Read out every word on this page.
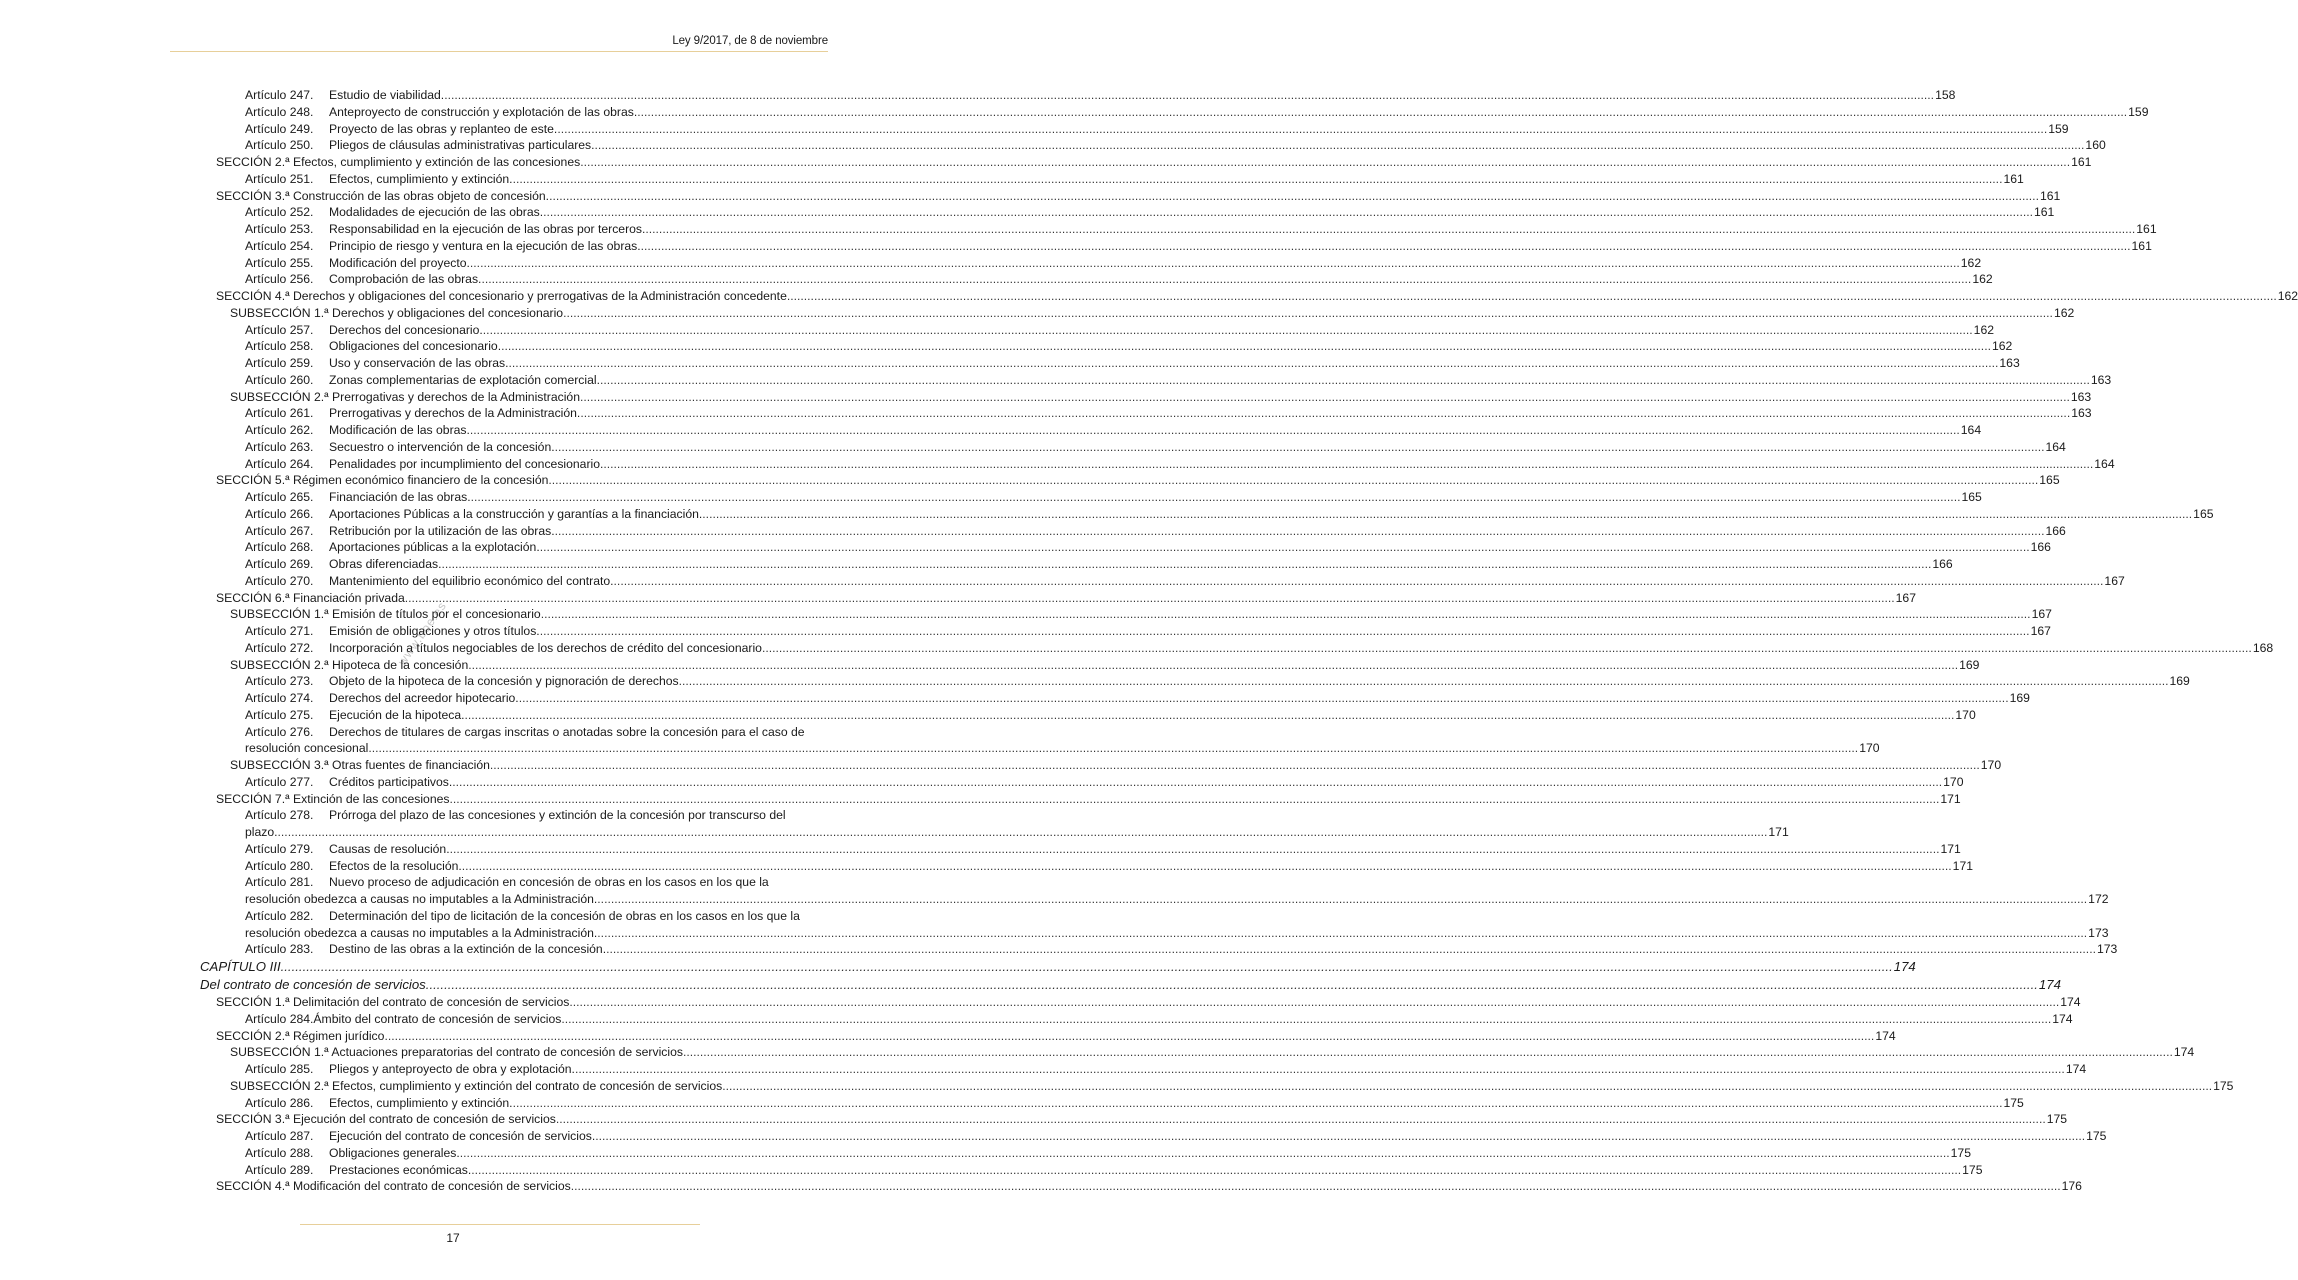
Ley 9/2017, de 8 de noviembre
www.boe.es
Artículo 247.	Estudio de viabilidad. .....	158
Artículo 248.	Anteproyecto de construcción y explotación de las obras. .....	159
Artículo 249.	Proyecto de las obras y replanteo de este. .....	159
Artículo 250.	Pliegos de cláusulas administrativas particulares. .....	160
SECCIÓN 2.ª Efectos, cumplimiento y extinción de las concesiones .....	161
Artículo 251.	Efectos, cumplimiento y extinción. .....	161
SECCIÓN 3.ª Construcción de las obras objeto de concesión. .....	161
Artículo 252.	Modalidades de ejecución de las obras. .....	161
Artículo 253.	Responsabilidad en la ejecución de las obras por terceros. .....	161
Artículo 254.	Principio de riesgo y ventura en la ejecución de las obras. .....	161
Artículo 255.	Modificación del proyecto. .....	162
Artículo 256.	Comprobación de las obras. .....	162
SECCIÓN 4.ª Derechos y obligaciones del concesionario y prerrogativas de la Administración concedente .....	162
SUBSECCIÓN 1.ª Derechos y obligaciones del concesionario .....	162
Artículo 257.	Derechos del concesionario. .....	162
Artículo 258.	Obligaciones del concesionario. .....	162
Artículo 259.	Uso y conservación de las obras. .....	163
Artículo 260.	Zonas complementarias de explotación comercial. .....	163
SUBSECCIÓN 2.ª Prerrogativas y derechos de la Administración .....	163
Artículo 261.	Prerrogativas y derechos de la Administración. .....	163
Artículo 262.	Modificación de las obras. .....	164
Artículo 263.	Secuestro o intervención de la concesión. .....	164
Artículo 264.	Penalidades por incumplimiento del concesionario. .....	164
SECCIÓN 5.ª Régimen económico financiero de la concesión .....	165
Artículo 265.	Financiación de las obras. .....	165
Artículo 266.	Aportaciones Públicas a la construcción y garantías a la financiación. .....	165
Artículo 267.	Retribución por la utilización de las obras. .....	166
Artículo 268.	Aportaciones públicas a la explotación. .....	166
Artículo 269.	Obras diferenciadas. .....	166
Artículo 270.	Mantenimiento del equilibrio económico del contrato. .....	167
SECCIÓN 6.ª Financiación privada .....	167
SUBSECCIÓN 1.ª Emisión de títulos por el concesionario .....	167
Artículo 271.	Emisión de obligaciones y otros títulos. .....	167
Artículo 272.	Incorporación a títulos negociables de los derechos de crédito del concesionario .....	168
SUBSECCIÓN 2.ª Hipoteca de la concesión .....	169
Artículo 273.	Objeto de la hipoteca de la concesión y pignoración de derechos .....	169
Artículo 274.	Derechos del acreedor hipotecario. .....	169
Artículo 275.	Ejecución de la hipoteca. .....	170
Artículo 276.	Derechos de titulares de cargas inscritas o anotadas sobre la concesión para el caso de
resolución concesional .....	170
SUBSECCIÓN 3.ª Otras fuentes de financiación .....	170
Artículo 277.	Créditos participativos. .....	170
SECCIÓN 7.ª Extinción de las concesiones .....	171
Artículo 278.	Prórroga del plazo de las concesiones y extinción de la concesión por transcurso del
plazo. .....	171
Artículo 279.	Causas de resolución. .....	171
Artículo 280.	Efectos de la resolución. .....	171
Artículo 281.	Nuevo proceso de adjudicación en concesión de obras en los casos en los que la
resolución obedezca a causas no imputables a la Administración. .....	172
Artículo 282.	Determinación del tipo de licitación de la concesión de obras en los casos en los que la
resolución obedezca a causas no imputables a la Administración. .....	173
Artículo 283.	Destino de las obras a la extinción de la concesión. .....	173
CAPÍTULO III .....	174
Del contrato de concesión de servicios .....	174
SECCIÓN 1.ª Delimitación del contrato de concesión de servicios .....	174
Artículo 284.Ámbito del contrato de concesión de servicios .....	174
SECCIÓN 2.ª Régimen jurídico .....	174
SUBSECCIÓN 1.ª Actuaciones preparatorias del contrato de concesión de servicios .....	174
Artículo 285.	Pliegos y anteproyecto de obra y explotación. .....	174
SUBSECCIÓN 2.ª Efectos, cumplimiento y extinción del contrato de concesión de servicios .....	175
Artículo 286.	Efectos, cumplimiento y extinción. .....	175
SECCIÓN 3.ª Ejecución del contrato de concesión de servicios .....	175
Artículo 287.	Ejecución del contrato de concesión de servicios. .....	175
Artículo 288.	Obligaciones generales. .....	175
Artículo 289.	Prestaciones económicas. .....	175
SECCIÓN 4.ª Modificación del contrato de concesión de servicios .....	176
17
